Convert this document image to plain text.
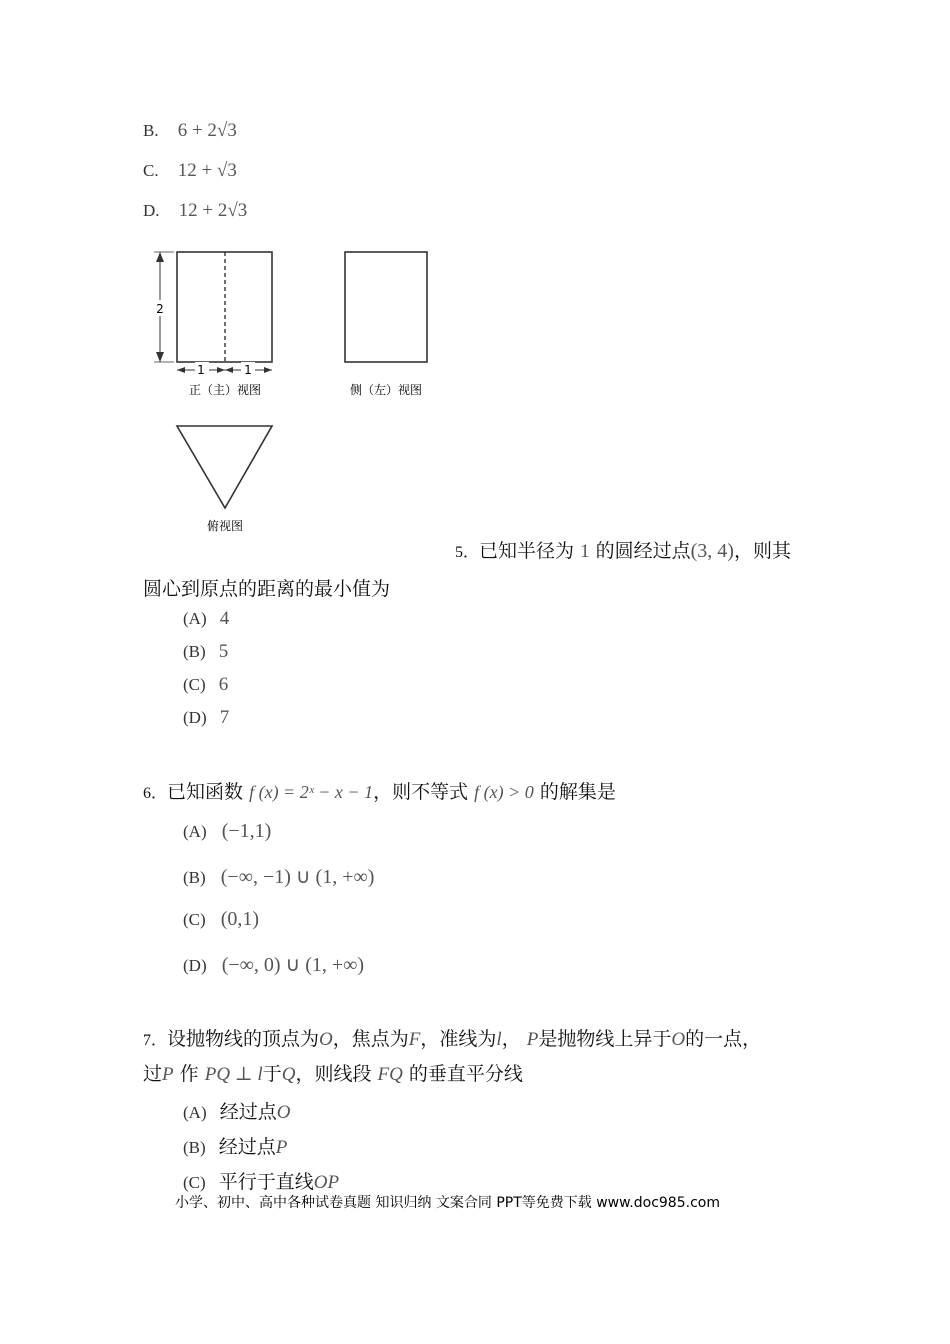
B. 6 + 2√3
C. 12 + √3
D. 12 + 2√3
2
1	1
正（主）视图	侧（左）视图
俯视图
5．已知半径为 1 的圆经过点(3, 4)，则其
圆心到原点的距离的最小值为
(A) 4
(B) 5
(C) 6
(D) 7
6．已知函数 f (x) = 2ˣ − x − 1，则不等式 f (x) > 0 的解集是
(A) (−1,1)
(B) (−∞, −1) ∪ (1, +∞)
(C) (0,1)
(D) (−∞, 0) ∪ (1, +∞)
7．设抛物线的顶点为O，焦点为F，准线为l， P是抛物线上异于O的一点，
过P 作 PQ ⊥ l于Q，则线段 FQ 的垂直平分线
(A) 经过点O
(B) 经过点P
(C) 平行于直线OP
小学、初中、高中各种试卷真题 知识归纳 文案合同 PPT等免费下载 www.doc985.com
